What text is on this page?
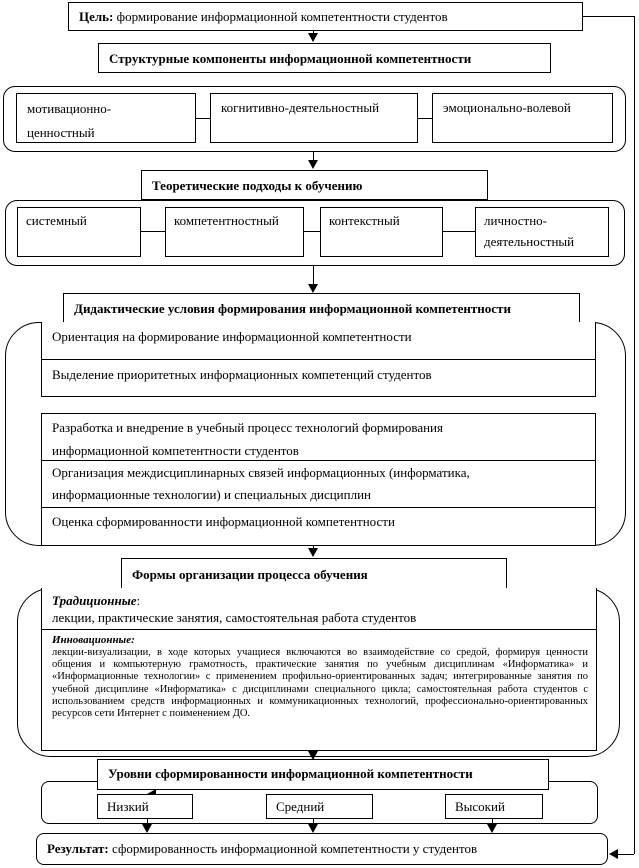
Цель: формирование информационной компетентности студентов
Структурные компоненты информационной компетентности
мотивационно-ценностный
когнитивно-деятельностный	эмоционально-волевой
Теоретические подходы к обучению
системный	компетентностный	контекстный	личностно-деятельностный
Дидактические условия формирования информационной компетентности
Ориентация на формирование информационной компетентности
Выделение приоритетных информационных компетенций студентов
Разработка и внедрение в учебный процесс технологий формирования информационной компетентности студентов
Организация междисциплинарных связей информационных (информатика, информационные технологии) и специальных дисциплин
Оценка сформированности информационной компетентности
Формы организации процесса обучения
Традиционные:
лекции, практические занятия, самостоятельная работа студентов
Инновационные:
лекции-визуализации, в ходе которых учащиеся включаются во взаимодействие со средой, формируя ценности общения и компьютерную грамотность, практические занятия по учебным дисциплинам «Информатика» и «Информационные технологии» с применением профильно-ориентированных задач; интегрированные занятия по учебной дисциплине «Информатика» с дисциплинами специального цикла; самостоятельная работа студентов с использованием средств информационных и коммуникационных технологий, профессионально-ориентированных ресурсов сети Интернет с поименением ДО.
Уровни сформированности информационной компетентности
Низкий	Средний	Высокий
Результат: сформированность информационной компетентности у студентов
